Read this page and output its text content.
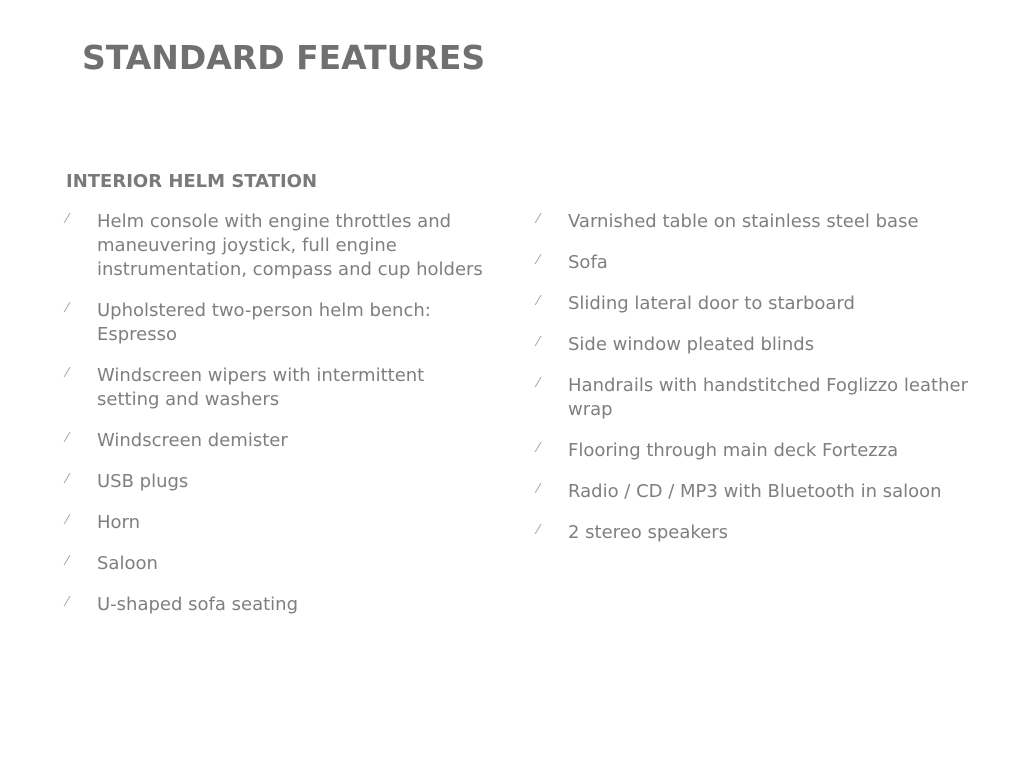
STANDARD FEATURES
INTERIOR HELM STATION
⁄	Helm console with engine throttles and maneuvering joystick, full engine instrumentation, compass and cup holders
⁄	Upholstered two-person helm bench: Espresso
⁄	Windscreen wipers with intermittent setting and washers
⁄	Windscreen demister
⁄	USB plugs
⁄	Horn
⁄	Saloon
⁄	U-shaped sofa seating
⁄	Varnished table on stainless steel base
⁄	Sofa
⁄	Sliding lateral door to starboard
⁄	Side window pleated blinds
⁄	Handrails with handstitched Foglizzo leather wrap
⁄	Flooring through main deck Fortezza
⁄	Radio / CD / MP3 with Bluetooth in saloon
⁄	2 stereo speakers
